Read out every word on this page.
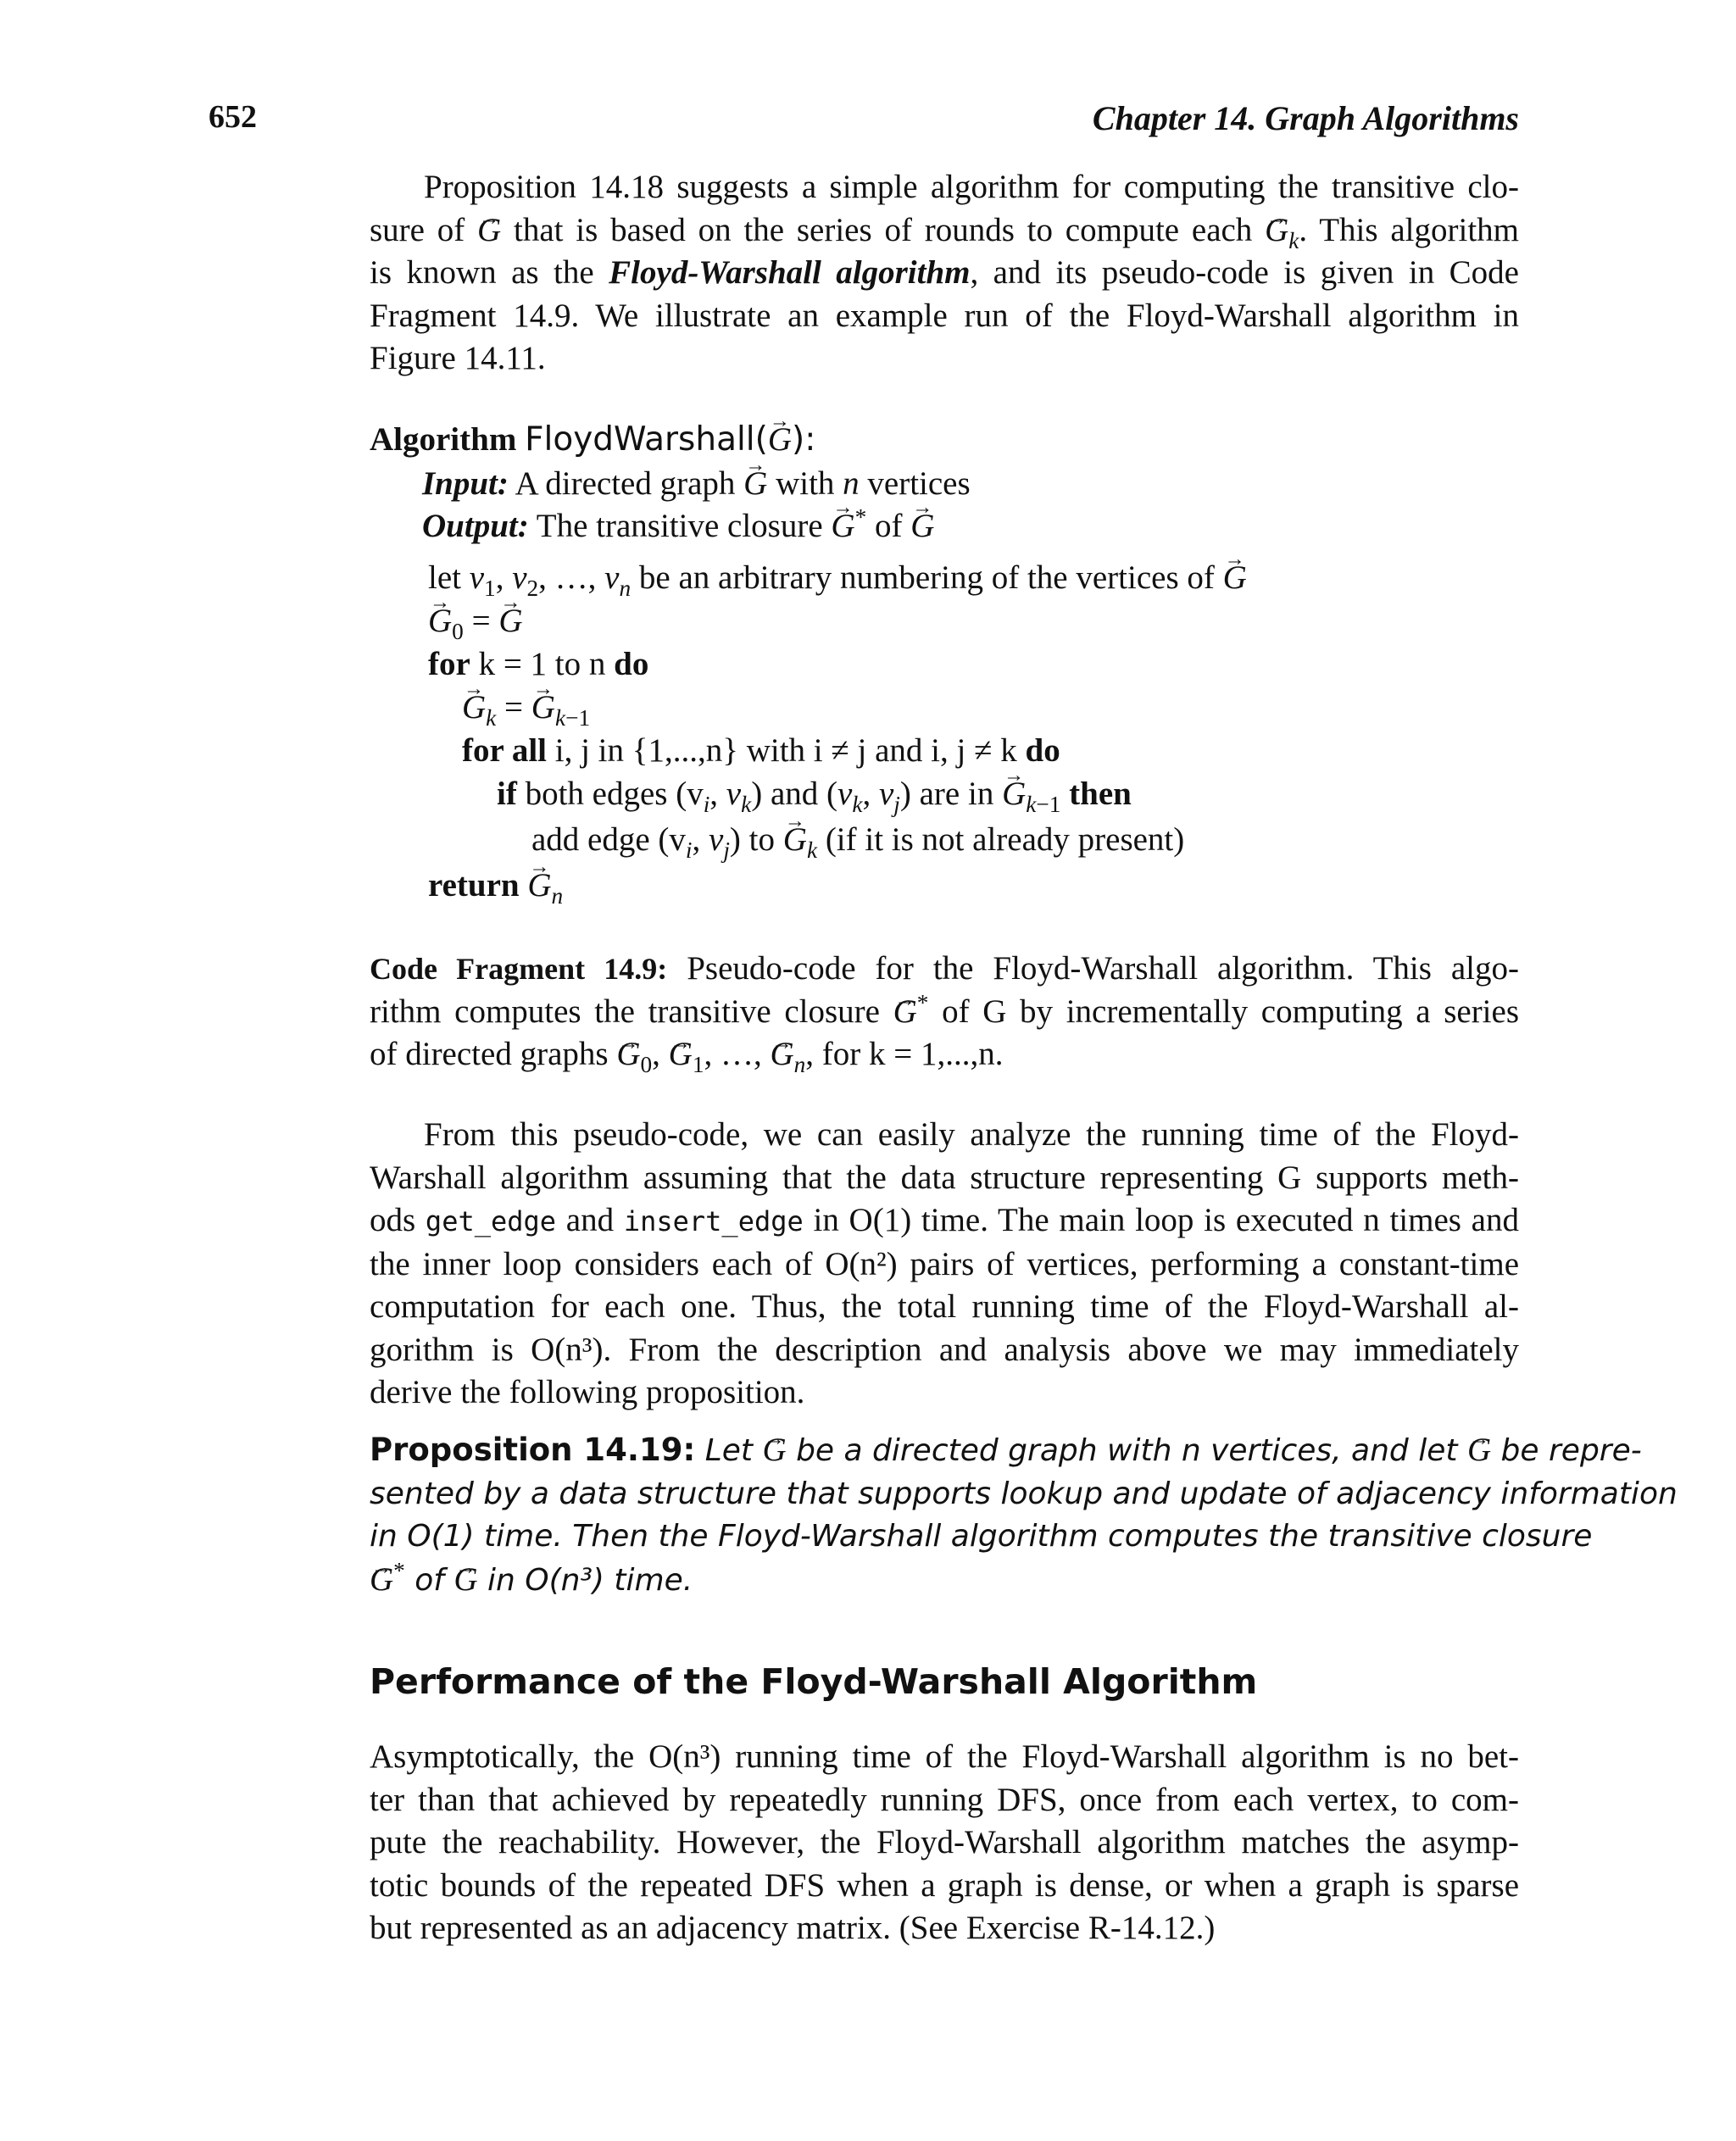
652	Chapter 14. Graph Algorithms
Proposition 14.18 suggests a simple algorithm for computing the transitive clo-
sure of → G that is based on the series of rounds to compute each → $G_k$. This algorithm
is known as the Floyd-Warshall algorithm, and its pseudo-code is given in Code
Fragment 14.9. We illustrate an example run of the Floyd-Warshall algorithm in
Figure 14.11.
Algorithm FloydWarshall(→ G):
Input: A directed graph → G with n vertices
Output: The transitive closure → G* of → G
let $v_1$, $v_2$, …, $v_n$ be an arbitrary numbering of the vertices of → G
→ $G_0$ = → G
for k = 1 to n do
→ $G_k$ = → $G_{k-1}$
for all i, j in {1,...,n} with i ≠ j and i, j ≠ k do
if both edges ($v_i$, $v_k$) and ($v_k$, $v_j$) are in → $G_{k-1}$ then
add edge ($v_i$, $v_j$) to → $G_k$ (if it is not already present)
return → $G_n$
Code Fragment 14.9: Pseudo-code for the Floyd-Warshall algorithm. This algo-
rithm computes the transitive closure → G* of G by incrementally computing a series
of directed graphs → $G_0$, → $G_1$, …, → $G_n$, for k = 1,...,n.
From this pseudo-code, we can easily analyze the running time of the Floyd-
Warshall algorithm assuming that the data structure representing G supports meth-
ods get_edge and insert_edge in O(1) time. The main loop is executed n times and
the inner loop considers each of O(n²) pairs of vertices, performing a constant-time
computation for each one. Thus, the total running time of the Floyd-Warshall al-
gorithm is O(n³). From the description and analysis above we may immediately
derive the following proposition.
Proposition 14.19: Let → G be a directed graph with n vertices, and let → G be repre-
sented by a data structure that supports lookup and update of adjacency information
in O(1) time. Then the Floyd-Warshall algorithm computes the transitive closure
→ G* of → G in O(n³) time.
Performance of the Floyd-Warshall Algorithm
Asymptotically, the O(n³) running time of the Floyd-Warshall algorithm is no bet-
ter than that achieved by repeatedly running DFS, once from each vertex, to com-
pute the reachability. However, the Floyd-Warshall algorithm matches the asymp-
totic bounds of the repeated DFS when a graph is dense, or when a graph is sparse
but represented as an adjacency matrix. (See Exercise R-14.12.)
